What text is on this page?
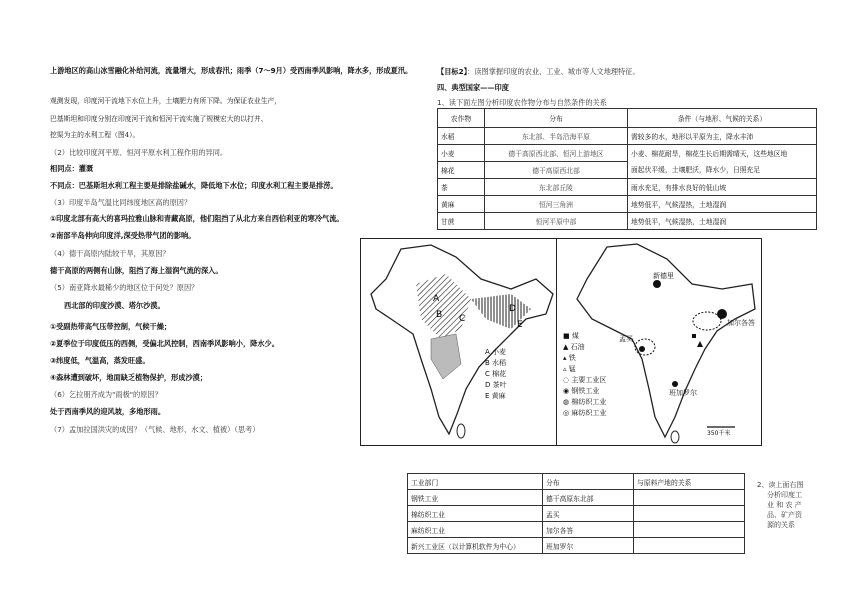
上游地区的高山冰雪融化补给河流，流量增大，形成春汛；雨季（7～9月）受西南季风影响，降水多，形成夏汛。
观测发现，印度河干流地下水位上升，土壤肥力有所下降。为保证农业生产，
巴基斯坦和印度分别在印度河干流和恒河干流实施了规模宏大的以打井、
挖渠为主的水利工程（图4）。
（2）比较印度河平原、恒河平原水利工程作用的异同。
相同点：灌溉
不同点：巴基斯坦水利工程主要是排除盐碱水，降低地下水位；印度水利工程主要是排涝。
（3）印度半岛气温比同纬度地区高的原因？
①印度北部有高大的喜玛拉雅山脉和青藏高原，他们阻挡了从北方来自西伯利亚的寒冷气流。
②南部半岛伸向印度洋,深受热带气团的影响。
（4）德干高原内陆较干旱，其原因？
德干高原的两侧有山脉，阻挡了海上湿润气流的深入。
（5）南亚降水最稀少的地区位于何处？原因？
西北部的印度沙漠、塔尔沙漠。
①受副热带高气压带控制，气候干燥；
②夏季位于印度低压的西侧，受偏北风控制，西南季风影响小，降水少。
③纬度低，气温高，蒸发旺盛。
④森林遭到破坏，地面缺乏植物保护，形成沙漠；
（6）乞拉朋齐成为"雨极"的原因？
处于西南季风的迎风坡，多地形雨。
（7）孟加拉国洪灾的成因？（气候、地形、水文、植被）（思考）
【目标2】：读图掌握印度的农业、工业、城市等人文地理特征。
四、典型国家——印度
1、读下面左图分析印度农作物分布与自然条件的关系
农作物	分布	条件（与地形、气候的关系）
水稻	东北部、半岛沿海平原	需较多的水，地形以平原为主，降水丰沛
小麦	德干高原西北部、恒河上游地区	小麦、棉花耐旱，棉花生长后期需晴天，这些地区地
面起伏平缓，土壤肥沃，降水少，日照充足

棉花	德干高原西北部	
茶	东北部丘陵	雨水充足，有排水良好的低山坡
黄麻	恒河三角洲	地势低平，气候湿热，土地湿润
甘蔗	恒河平原中部	地势低平，气候湿热，土地湿润
A
B C
D
E
A 小麦
B 水稻
C 棉花
D 茶叶
E 黄麻
新德里
孟买
加尔各答
班加罗尔
350千米
■ 煤
▲ 石油
▴ 铁
▵ 锰
◌ 主要工业区
◉ 钢铁工业
◍ 棉纺织工业
◎ 麻纺织工业
工业部门	分布	与原料产地的关系
钢铁工业	德干高原东北部	
棉纺织工业	孟买	
麻纺织工业	加尔各答	
新兴工业区（以计算机软件为中心）	班加罗尔	
2、读上面右图
分析印度工
业 和 农 产
品、矿产资
源的关系
